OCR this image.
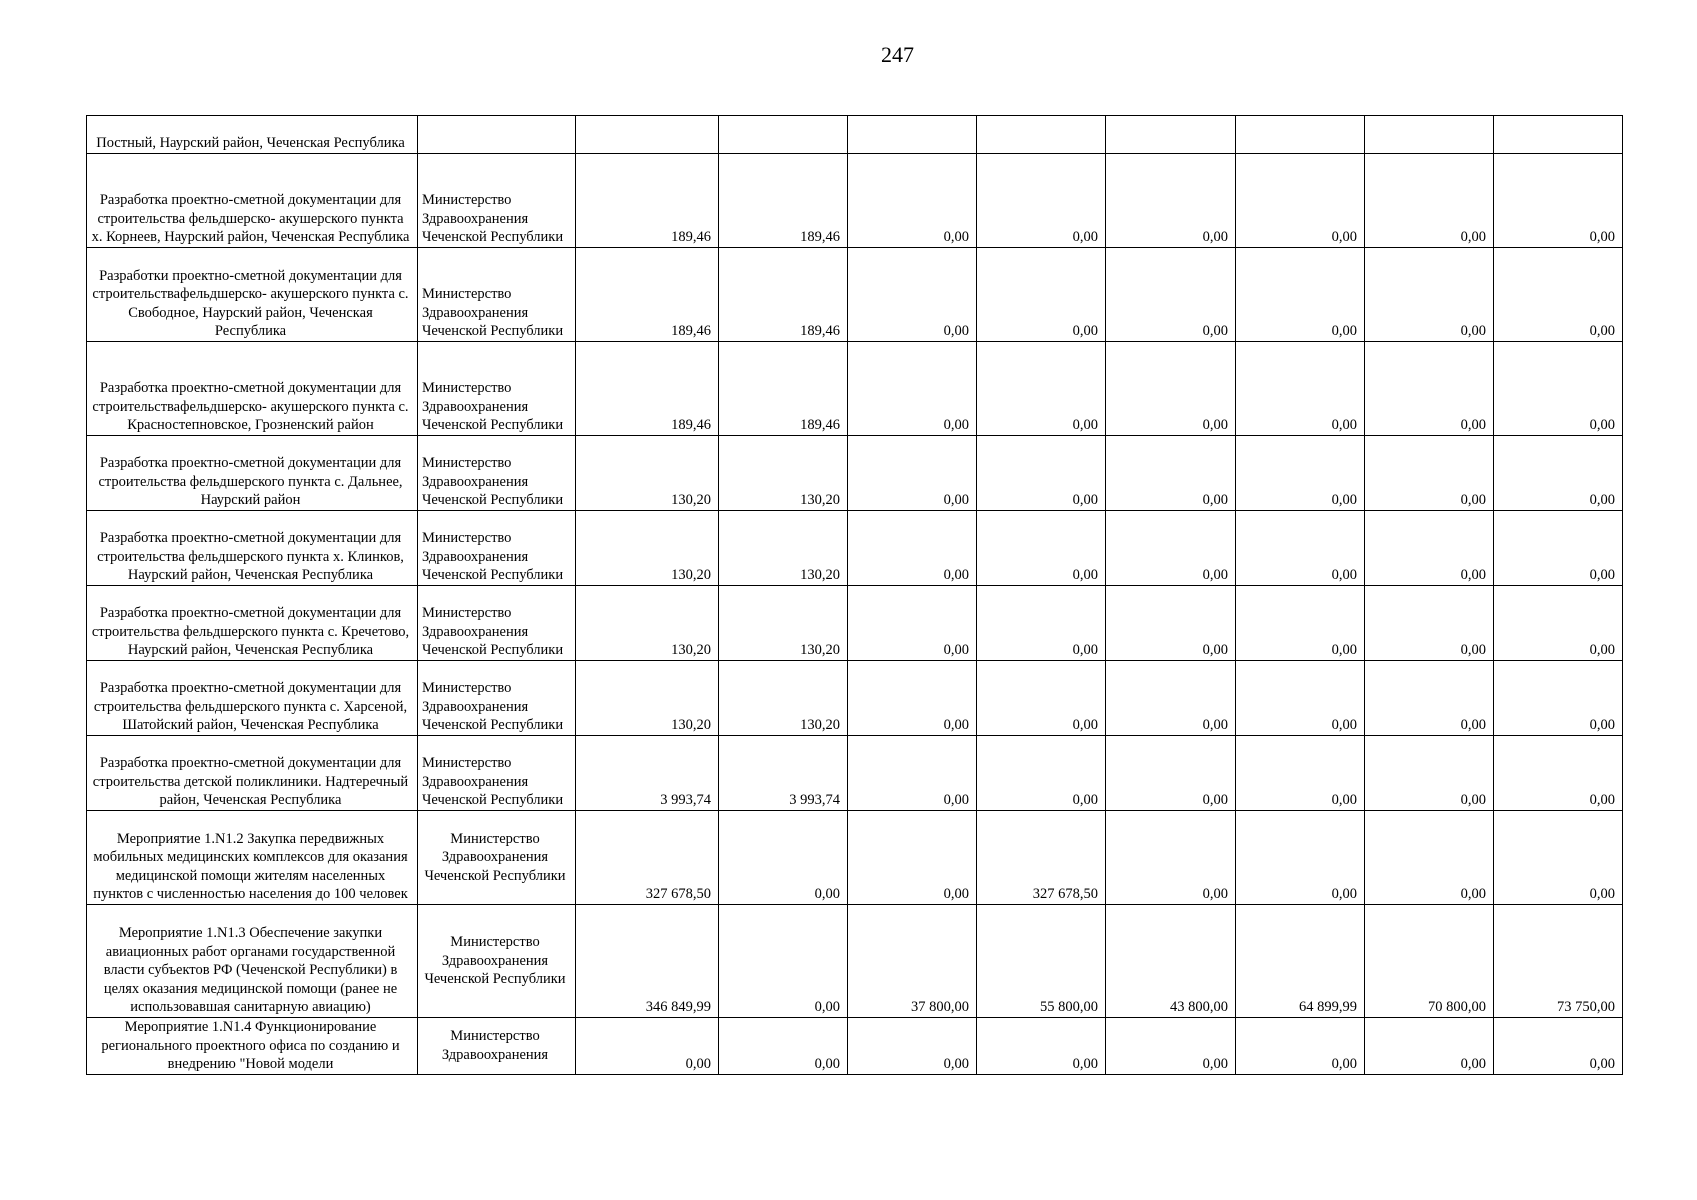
247
Постный, Наурский район, Чеченская Республика									
Разработка проектно-сметной документации для строительства фельдшерско- акушерского пункта х. Корнеев, Наурский район, Чеченская Республика	Министерство Здравоохранения Чеченской Республики	189,46	189,46	0,00	0,00	0,00	0,00	0,00	0,00
Разработки проектно-сметной документации для строительствафельдшерско- акушерского пункта с. Свободное, Наурский район, Чеченская Республика	Министерство Здравоохранения Чеченской Республики	189,46	189,46	0,00	0,00	0,00	0,00	0,00	0,00
Разработка проектно-сметной документации для строительствафельдшерско- акушерского пункта с. Красностепновское, Грозненский район	Министерство Здравоохранения Чеченской Республики	189,46	189,46	0,00	0,00	0,00	0,00	0,00	0,00
Разработка проектно-сметной документации для строительства фельдшерского пункта с. Дальнее, Наурский район	Министерство Здравоохранения Чеченской Республики	130,20	130,20	0,00	0,00	0,00	0,00	0,00	0,00
Разработка проектно-сметной документации для строительства фельдшерского пункта х. Клинков, Наурский район, Чеченская Республика	Министерство Здравоохранения Чеченской Республики	130,20	130,20	0,00	0,00	0,00	0,00	0,00	0,00
Разработка проектно-сметной документации для строительства фельдшерского пункта с. Кречетово, Наурский район, Чеченская Республика	Министерство Здравоохранения Чеченской Республики	130,20	130,20	0,00	0,00	0,00	0,00	0,00	0,00
Разработка проектно-сметной документации для строительства фельдшерского пункта с. Харсеной, Шатойский район, Чеченская Республика	Министерство Здравоохранения Чеченской Республики	130,20	130,20	0,00	0,00	0,00	0,00	0,00	0,00
Разработка проектно-сметной документации для строительства детской поликлиники. Надтеречный район, Чеченская Республика	Министерство Здравоохранения Чеченской Республики	3 993,74	3 993,74	0,00	0,00	0,00	0,00	0,00	0,00
Мероприятие 1.N1.2 Закупка передвижных мобильных медицинских комплексов для оказания медицинской помощи жителям населенных пунктов с численностью населения до 100 человек	Министерство Здравоохранения Чеченской Республики	327 678,50	0,00	0,00	327 678,50	0,00	0,00	0,00	0,00
Мероприятие 1.N1.3 Обеспечение закупки авиационных работ органами государственной власти субъектов РФ (Чеченской Республики) в целях оказания медицинской помощи (ранее не использовавшая санитарную авиацию)	Министерство Здравоохранения Чеченской Республики	346 849,99	0,00	37 800,00	55 800,00	43 800,00	64 899,99	70 800,00	73 750,00
Мероприятие 1.N1.4 Функционирование регионального проектного офиса по созданию и внедрению "Новой модели	Министерство Здравоохранения	0,00	0,00	0,00	0,00	0,00	0,00	0,00	0,00
